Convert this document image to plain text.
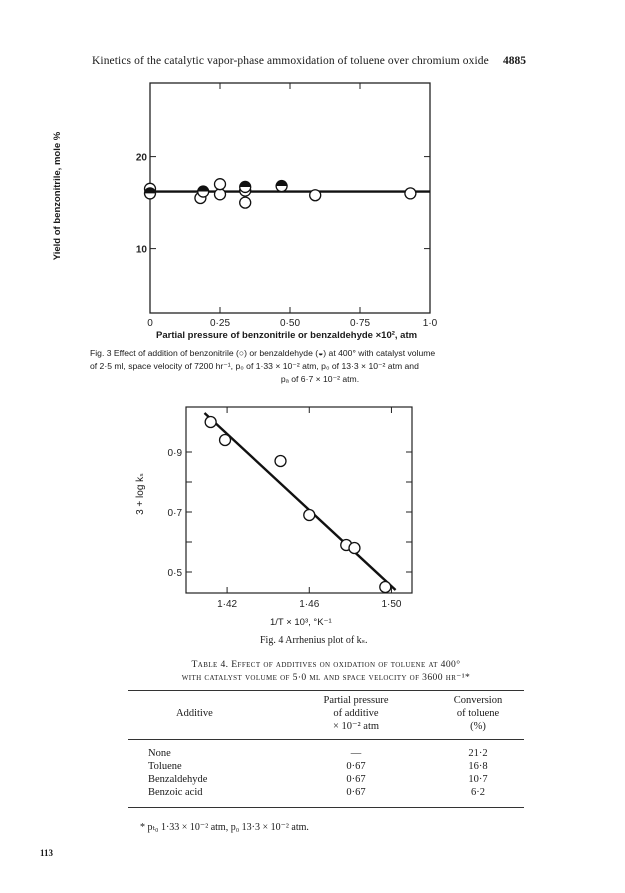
Kinetics of the catalytic vapor-phase ammoxidation of toluene over chromium oxide 4885
0	0·25	0·50	0·75	1·0
20
10
Partial pressure of benzonitrile or benzaldehyde ×10², atm
Yield of benzonitrile, mole %
Fig. 3 Effect of addition of benzonitrile (○) or benzaldehyde (◒) at 400° with catalyst volume
of 2·5 ml, space velocity of 7200 hr⁻¹, p₀ of 1·33 × 10⁻² atm, p₀ of 13·3 × 10⁻² atm and
pₐ of 6·7 × 10⁻² atm.
1·42	1·46	1·50
0·9
0·7
0·5
1/T × 10³, °K⁻¹
3 + log kₛ
Fig. 4 Arrhenius plot of kₛ.
Table 4. Effect of additives on oxidation of toluene at 400°
with catalyst volume of 5·0 ml and space velocity of 3600 hr⁻¹*
Additive
Partial pressure
of additive
× 10⁻² atm
Conversion
of toluene
(%)
None	—	21·2
Toluene	0·67	16·8
Benzaldehyde	0·67	10·7
Benzoic acid	0·67	6·2
* pₜ₀ 1·33 × 10⁻² atm, p₀ 13·3 × 10⁻² atm.
113
